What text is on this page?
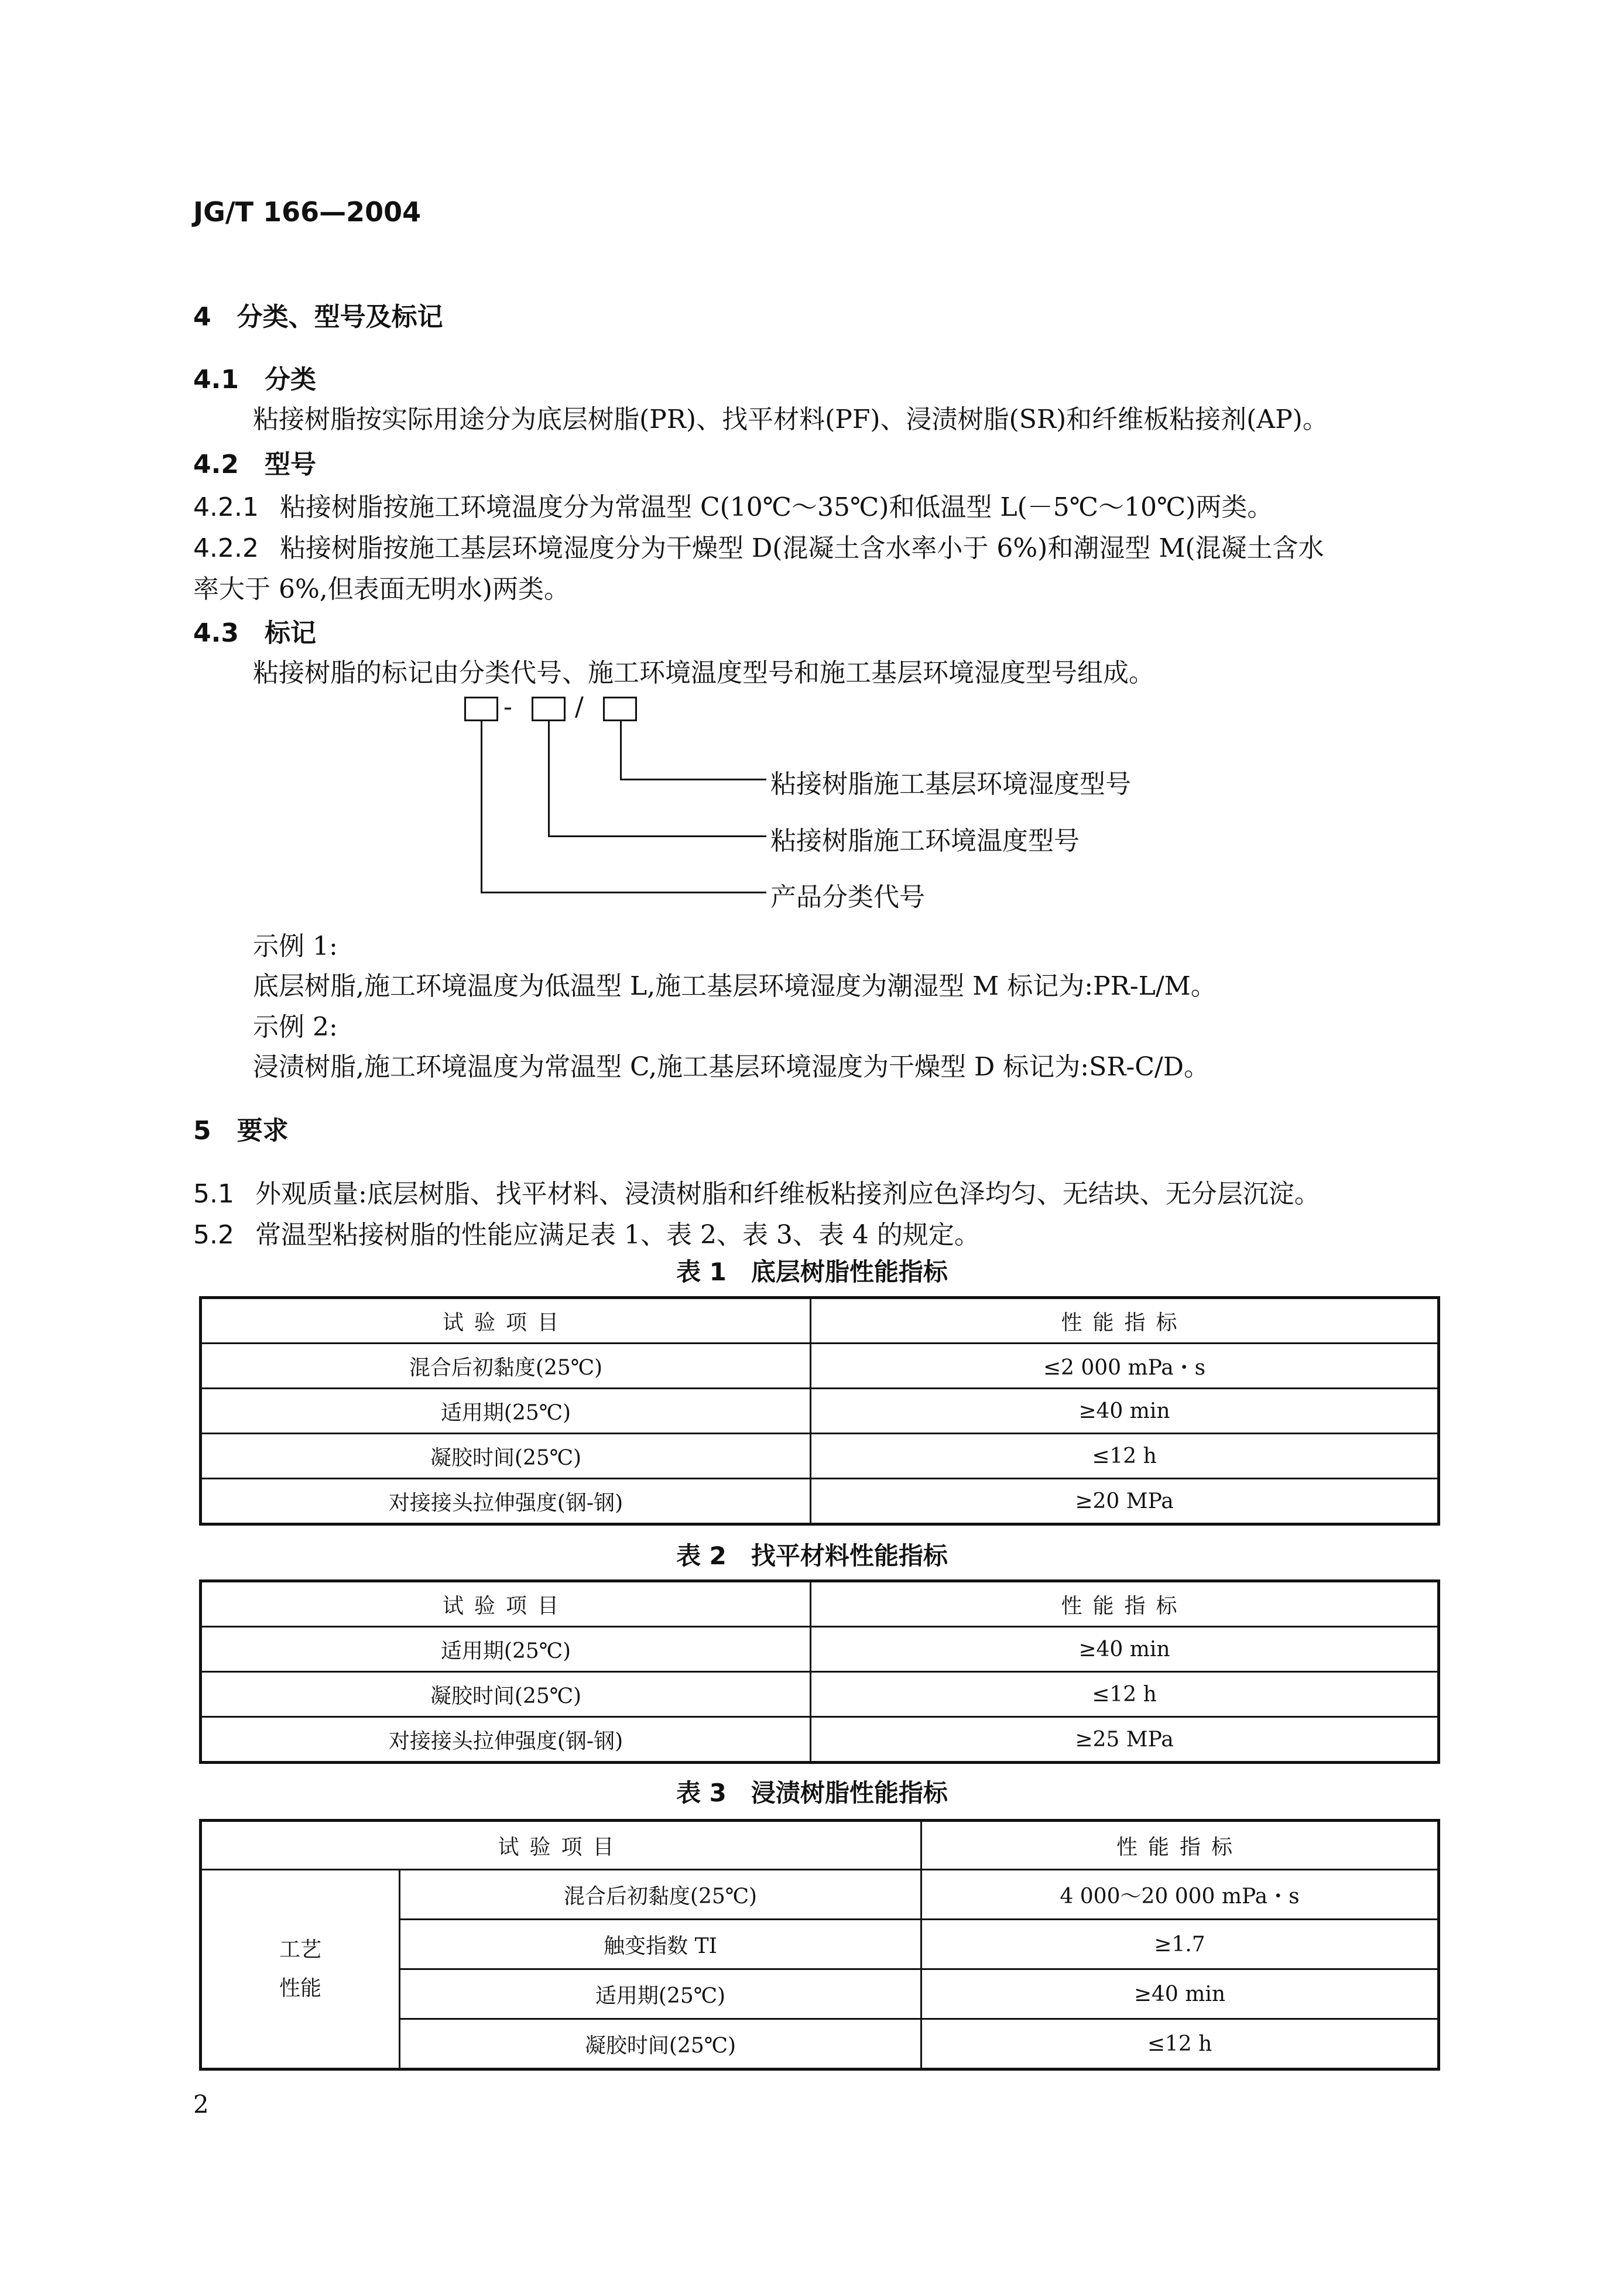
JG/T 166—2004
4 分类、型号及标记
4.1 分类
粘接树脂按实际用途分为底层树脂(PR)、找平材料(PF)、浸渍树脂(SR)和纤维板粘接剂(AP)。
4.2 型号
4.2.1 粘接树脂按施工环境温度分为常温型 C(10℃～35℃)和低温型 L(－5℃～10℃)两类。
4.2.2 粘接树脂按施工基层环境湿度分为干燥型 D(混凝土含水率小于 6%)和潮湿型 M(混凝土含水
率大于 6%,但表面无明水)两类。
4.3 标记
粘接树脂的标记由分类代号、施工环境温度型号和施工基层环境湿度型号组成。
- /
粘接树脂施工基层环境湿度型号
粘接树脂施工环境温度型号
产品分类代号
示例 1:
底层树脂,施工环境温度为低温型 L,施工基层环境湿度为潮湿型 M 标记为:PR-L/M。
示例 2:
浸渍树脂,施工环境温度为常温型 C,施工基层环境湿度为干燥型 D 标记为:SR-C/D。
5 要求
5.1 外观质量:底层树脂、找平材料、浸渍树脂和纤维板粘接剂应色泽均匀、无结块、无分层沉淀。
5.2 常温型粘接树脂的性能应满足表 1、表 2、表 3、表 4 的规定。
表 1　底层树脂性能指标
试验项目	性能指标
混合后初黏度(25℃)	≤2 000 mPa・s
适用期(25℃)	≥40 min
凝胶时间(25℃)	≤12 h
对接接头拉伸强度(钢-钢)	≥20 MPa
表 2　找平材料性能指标
试验项目	性能指标
适用期(25℃)	≥40 min
凝胶时间(25℃)	≤12 h
对接接头拉伸强度(钢-钢)	≥25 MPa
表 3　浸渍树脂性能指标
试验项目		性能指标

工艺
性能	混合后初黏度(25℃)	4 000～20 000 mPa・s
	触变指数 TI	≥1.7
	适用期(25℃)	≥40 min
	凝胶时间(25℃)	≤12 h
2
